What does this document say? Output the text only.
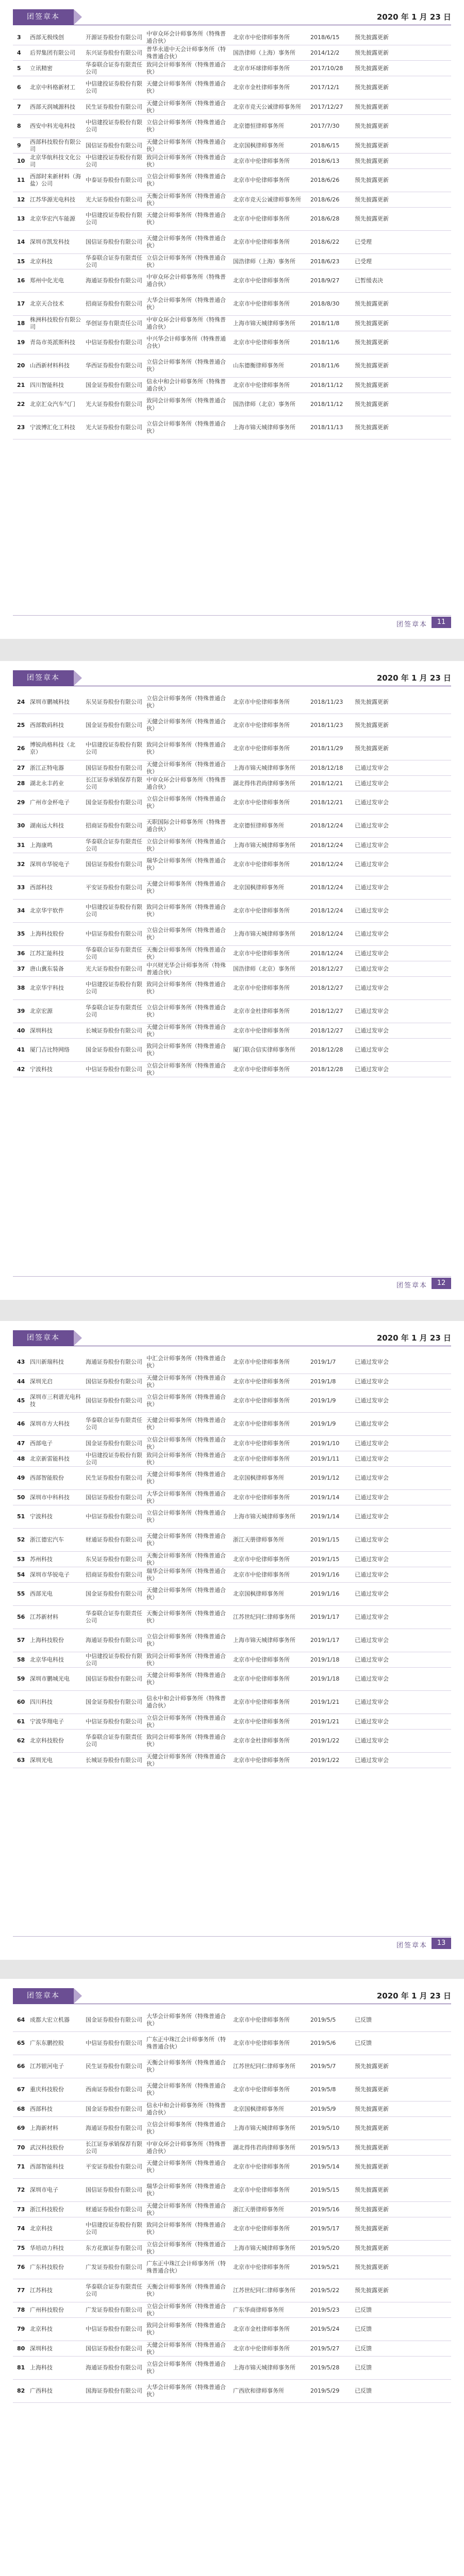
团签章本	2020 年 1 月 23 日
3	西部无极线创	开源证券股份有限公司	中审众环会计师事务所（特殊普通合伙）	北京市中伦律师事务所	2018/6/15	预先披露更新
4	后羿集团有限公司	东兴证券股份有限公司	普华永道中天会计师事务所（特殊普通合伙）	国浩律师（上海）事务所	2014/12/2	预先披露更新
5	立讯精密	华泰联合证券有限责任公司	致同会计师事务所（特殊普通合伙）	北京市环球律师事务所	2017/10/28	预先披露更新
6	北京中科格新材工	中信建投证券股份有限公司	天健会计师事务所（特殊普通合伙）	北京市金杜律师事务所	2017/12/1	预先披露更新
7	西部天润城源科技	民生证券股份有限公司	天健会计师事务所（特殊普通合伙）	北京市竞天公诚律师事务所	2017/12/27	预先披露更新
8	西安中科光电科技	中信建投证券股份有限公司	立信会计师事务所（特殊普通合伙）	北京德恒律师事务所	2017/7/30	预先披露更新
9	西部科技股份有限公司	国信证券股份有限公司	天健会计师事务所（特殊普通合伙）	北京国枫律师事务所	2018/6/15	预先披露更新
10	北京华航科技文化公司	中信建投证券股份有限公司	致同会计师事务所（特殊普通合伙）	北京市中伦律师事务所	2018/6/13	预先披露更新
11	西部时来新材料（海盐）公司	中泰证券股份有限公司	立信会计师事务所（特殊普通合伙）	北京市中伦律师事务所	2018/6/26	预先披露更新
12	江苏华源光电科技	光大证券股份有限公司	天衡会计师事务所（特殊普通合伙）	北京市竞天公诚律师事务所	2018/6/26	预先披露更新
13	北京华宏汽车能源	中信建投证券股份有限公司	天健会计师事务所（特殊普通合伙）	北京市中伦律师事务所	2018/6/28	预先披露更新
14	深圳市凯发科技	国信证券股份有限公司	天健会计师事务所（特殊普通合伙）	北京市中伦律师事务所	2018/6/22	已受理
15	北京科技	华泰联合证券有限责任公司	立信会计师事务所（特殊普通合伙）	国浩律师（上海）事务所	2018/6/23	已受理
16	郑州中化光电	海通证券股份有限公司	中审众环会计师事务所（特殊普通合伙）	北京市中伦律师事务所	2018/9/27	已暂缓表决
17	北京天合技术	招商证券股份有限公司	大华会计师事务所（特殊普通合伙）	北京市中伦律师事务所	2018/8/30	预先披露更新
18	株洲科技股份有限公司	华创证券有限责任公司	中审众环会计师事务所（特殊普通合伙）	上海市锦天城律师事务所	2018/11/8	预先披露更新
19	青岛市英派斯科技	中信证券股份有限公司	中兴华会计师事务所（特殊普通合伙）	北京市中伦律师事务所	2018/11/6	预先披露更新
20	山西新材料科技	华西证券股份有限公司	立信会计师事务所（特殊普通合伙）	山东德衡律师事务所	2018/11/6	预先披露更新
21	四川智能科技	国金证券股份有限公司	信永中和会计师事务所（特殊普通合伙）	北京市中伦律师事务所	2018/11/12	预先披露更新
22	北京汇众汽车气门	光大证券股份有限公司	致同会计师事务所（特殊普通合伙）	国浩律师（北京）事务所	2018/11/12	预先披露更新
23	宁波博汇化工科技	光大证券股份有限公司	立信会计师事务所（特殊普通合伙）	上海市锦天城律师事务所	2018/11/13	预先披露更新
团签章本	11
团签章本	2020 年 1 月 23 日
24	深圳市鹏城科技	东吴证券股份有限公司	立信会计师事务所（特殊普通合伙）	北京市中伦律师事务所	2018/11/23	预先披露更新
25	西部数码科技	国金证券股份有限公司	天健会计师事务所（特殊普通合伙）	北京市中伦律师事务所	2018/11/23	预先披露更新
26	博锐尚格科技（北京）	中信建投证券股份有限公司	致同会计师事务所（特殊普通合伙）	北京市中伦律师事务所	2018/11/29	预先披露更新
27	浙江正特电器	国信证券股份有限公司	天健会计师事务所（特殊普通合伙）	上海市锦天城律师事务所	2018/12/18	已通过发审会
28	湖北永丰药业	长江证券承销保荐有限公司	中审众环会计师事务所（特殊普通合伙）	湖北得伟君尚律师事务所	2018/12/21	已通过发审会
29	广州市金杯电子	国金证券股份有限公司	立信会计师事务所（特殊普通合伙）	北京市中伦律师事务所	2018/12/21	已通过发审会
30	湖南远大科技	招商证券股份有限公司	天职国际会计师事务所（特殊普通合伙）	北京德恒律师事务所	2018/12/24	已通过发审会
31	上海康鸣	华泰联合证券有限责任公司	立信会计师事务所（特殊普通合伙）	上海市锦天城律师事务所	2018/12/24	已通过发审会
32	深圳市华锐电子	国信证券股份有限公司	瑞华会计师事务所（特殊普通合伙）	北京市中伦律师事务所	2018/12/24	已通过发审会
33	西部科技	平安证券股份有限公司	天健会计师事务所（特殊普通合伙）	北京国枫律师事务所	2018/12/24	已通过发审会
34	北京华宇软件	中信建投证券股份有限公司	致同会计师事务所（特殊普通合伙）	北京市中伦律师事务所	2018/12/24	已通过发审会
35	上海科技股份	中信证券股份有限公司	立信会计师事务所（特殊普通合伙）	上海市锦天城律师事务所	2018/12/24	已通过发审会
36	江苏汇能科技	华泰联合证券有限责任公司	天衡会计师事务所（特殊普通合伙）	北京市中伦律师事务所	2018/12/24	已通过发审会
37	唐山冀东装备	光大证券股份有限公司	中兴财光华会计师事务所（特殊普通合伙）	国浩律师（北京）事务所	2018/12/27	已通过发审会
38	北京华宇科技	中信建投证券股份有限公司	致同会计师事务所（特殊普通合伙）	北京市中伦律师事务所	2018/12/27	已通过发审会
39	北京宏源	华泰联合证券有限责任公司	立信会计师事务所（特殊普通合伙）	北京市金杜律师事务所	2018/12/27	已通过发审会
40	深圳科技	长城证券股份有限公司	天健会计师事务所（特殊普通合伙）	北京市中伦律师事务所	2018/12/27	已通过发审会
41	厦门吉比特网络	国金证券股份有限公司	致同会计师事务所（特殊普通合伙）	厦门联合信实律师事务所	2018/12/28	已通过发审会
42	宁波科技	中信证券股份有限公司	立信会计师事务所（特殊普通合伙）	北京市中伦律师事务所	2018/12/28	已通过发审会
团签章本	12
团签章本	2020 年 1 月 23 日
43	四川新瑞科技	海通证券股份有限公司	中汇会计师事务所（特殊普通合伙）	北京市中伦律师事务所	2019/1/7	已通过发审会
44	深圳光启	国信证券股份有限公司	天健会计师事务所（特殊普通合伙）	北京市中伦律师事务所	2019/1/8	已通过发审会
45	深圳市三利谱光电科技	国信证券股份有限公司	立信会计师事务所（特殊普通合伙）	北京市中伦律师事务所	2019/1/9	已通过发审会
46	深圳市方大科技	华泰联合证券有限责任公司	天健会计师事务所（特殊普通合伙）	北京市中伦律师事务所	2019/1/9	已通过发审会
47	西部电子	国金证券股份有限公司	立信会计师事务所（特殊普通合伙）	北京市中伦律师事务所	2019/1/10	已通过发审会
48	北京新雷能科技	中信建投证券股份有限公司	致同会计师事务所（特殊普通合伙）	北京市中伦律师事务所	2019/1/11	已通过发审会
49	西部智能股份	民生证券股份有限公司	天健会计师事务所（特殊普通合伙）	北京国枫律师事务所	2019/1/12	已通过发审会
50	深圳市中科科技	国信证券股份有限公司	大华会计师事务所（特殊普通合伙）	北京市中伦律师事务所	2019/1/14	已通过发审会
51	宁波科技	中信证券股份有限公司	立信会计师事务所（特殊普通合伙）	上海市锦天城律师事务所	2019/1/14	已通过发审会
52	浙江德宏汽车	财通证券股份有限公司	天健会计师事务所（特殊普通合伙）	浙江天册律师事务所	2019/1/15	已通过发审会
53	苏州科技	东吴证券股份有限公司	天衡会计师事务所（特殊普通合伙）	北京市中伦律师事务所	2019/1/15	已通过发审会
54	深圳市华锐电子	招商证券股份有限公司	瑞华会计师事务所（特殊普通合伙）	北京市中伦律师事务所	2019/1/16	已通过发审会
55	西部光电	国金证券股份有限公司	天健会计师事务所（特殊普通合伙）	北京国枫律师事务所	2019/1/16	已通过发审会
56	江苏新材料	华泰联合证券有限责任公司	天衡会计师事务所（特殊普通合伙）	江苏世纪同仁律师事务所	2019/1/17	已通过发审会
57	上海科技股份	海通证券股份有限公司	立信会计师事务所（特殊普通合伙）	上海市锦天城律师事务所	2019/1/17	已通过发审会
58	北京华电科技	中信建投证券股份有限公司	致同会计师事务所（特殊普通合伙）	北京市中伦律师事务所	2019/1/18	已通过发审会
59	深圳市鹏城光电	国信证券股份有限公司	天健会计师事务所（特殊普通合伙）	北京市中伦律师事务所	2019/1/18	已通过发审会
60	四川科技	国金证券股份有限公司	信永中和会计师事务所（特殊普通合伙）	北京市中伦律师事务所	2019/1/21	已通过发审会
61	宁波华翔电子	中信证券股份有限公司	立信会计师事务所（特殊普通合伙）	北京市中伦律师事务所	2019/1/21	已通过发审会
62	北京科技股份	华泰联合证券有限责任公司	致同会计师事务所（特殊普通合伙）	北京市金杜律师事务所	2019/1/22	已通过发审会
63	深圳光电	长城证券股份有限公司	天健会计师事务所（特殊普通合伙）	北京市中伦律师事务所	2019/1/22	已通过发审会
团签章本	13
团签章本	2020 年 1 月 23 日
64	成都大宏立机器	国金证券股份有限公司	大华会计师事务所（特殊普通合伙）	北京市中伦律师事务所	2019/5/5	已反馈
65	广东东鹏控股	中信证券股份有限公司	广东正中珠江会计师事务所（特殊普通合伙）	北京市中伦律师事务所	2019/5/6	已反馈
66	江苏银河电子	民生证券股份有限公司	天衡会计师事务所（特殊普通合伙）	江苏世纪同仁律师事务所	2019/5/7	预先披露更新
67	重庆科技股份	西南证券股份有限公司	天健会计师事务所（特殊普通合伙）	北京市中伦律师事务所	2019/5/8	预先披露更新
68	西部科技	国金证券股份有限公司	信永中和会计师事务所（特殊普通合伙）	北京国枫律师事务所	2019/5/9	预先披露更新
69	上海新材料	海通证券股份有限公司	立信会计师事务所（特殊普通合伙）	上海市锦天城律师事务所	2019/5/10	预先披露更新
70	武汉科技股份	长江证券承销保荐有限公司	中审众环会计师事务所（特殊普通合伙）	湖北得伟君尚律师事务所	2019/5/13	预先披露更新
71	西部智能科技	平安证券股份有限公司	天健会计师事务所（特殊普通合伙）	北京市中伦律师事务所	2019/5/14	预先披露更新
72	深圳市电子	国信证券股份有限公司	瑞华会计师事务所（特殊普通合伙）	北京市中伦律师事务所	2019/5/15	预先披露更新
73	浙江科技股份	财通证券股份有限公司	天健会计师事务所（特殊普通合伙）	浙江天册律师事务所	2019/5/16	预先披露更新
74	北京科技	中信建投证券股份有限公司	致同会计师事务所（特殊普通合伙）	北京市中伦律师事务所	2019/5/17	预先披露更新
75	华培动力科技	东方花旗证券有限公司	立信会计师事务所（特殊普通合伙）	上海市锦天城律师事务所	2019/5/20	预先披露更新
76	广东科技股份	广发证券股份有限公司	广东正中珠江会计师事务所（特殊普通合伙）	北京市中伦律师事务所	2019/5/21	预先披露更新
77	江苏科技	华泰联合证券有限责任公司	天衡会计师事务所（特殊普通合伙）	江苏世纪同仁律师事务所	2019/5/22	预先披露更新
78	广州科技股份	广发证券股份有限公司	立信会计师事务所（特殊普通合伙）	广东华商律师事务所	2019/5/23	已反馈
79	北京科技	中信证券股份有限公司	致同会计师事务所（特殊普通合伙）	北京市金杜律师事务所	2019/5/24	已反馈
80	深圳科技	国信证券股份有限公司	天健会计师事务所（特殊普通合伙）	北京市中伦律师事务所	2019/5/27	已反馈
81	上海科技	海通证券股份有限公司	立信会计师事务所（特殊普通合伙）	上海市锦天城律师事务所	2019/5/28	已反馈
82	广西科技	国海证券股份有限公司	大华会计师事务所（特殊普通合伙）	广西欣和律师事务所	2019/5/29	已反馈
